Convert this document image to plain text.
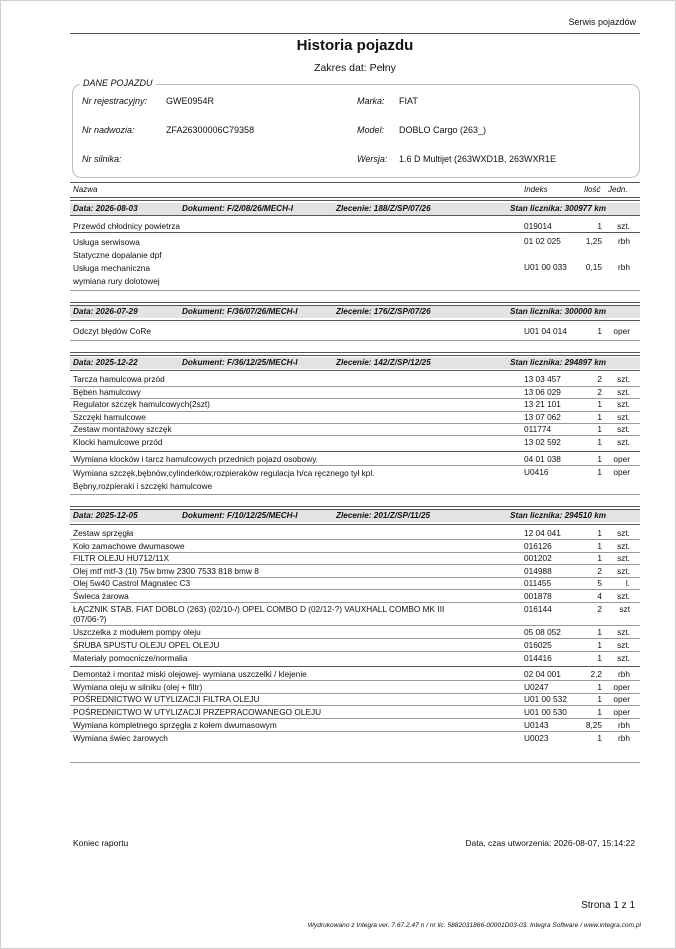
Serwis pojazdów
Historia pojazdu
Zakres dat: Pełny
DANE POJAZDU
Nr rejestracyjny: GWE0954R
Nr nadwozia:	ZFA26300006C79358
Nr silnika:
Marka: FIAT
Model: DOBLO Cargo (263_)
Wersja: 1.6 D Multijet (263WXD1B, 263WXR1E
Nazwa	Indeks	Ilość Jedn.
Data: 2026-08-03	Dokument: F/2/08/26/MECH-I	Zlecenie: 188/Z/SP/07/26	Stan licznika: 300977 km
Przewód chłodnicy powietrza	019014	1	szt.
Usługa serwisowa
Statyczne dopalanie dpf
01 02 025	1,25	rbh
Usługa mechaniczna
wymiana rury dolotowej
U01 00 033	0,15	rbh
Data: 2026-07-29	Dokument: F/36/07/26/MECH-I	Zlecenie: 176/Z/SP/07/26	Stan licznika: 300000 km
Odczyt błędów CoRe	U01 04 014	1	oper
Data: 2025-12-22	Dokument: F/36/12/25/MECH-I	Zlecenie: 142/Z/SP/12/25	Stan licznika: 294897 km
Tarcza hamulcowa przód	13 03 457	2	szt.
Bęben hamulcowy	13 06 029	2	szt.
Regulator szczęk hamulcowych(2szt)	13 21 101	1	szt.
Szczęki hamulcowe	13 07 062	1	szt.
Zestaw montażowy szczęk	011774	1	szt.
Klocki hamulcowe przód	13 02 592	1	szt.
Wymiana klocków i tarcz hamulcowych przednich pojazd osobowy.	04 01 038	1	oper
Wymiana szczęk,bębnów,cylinderków,rozpieraków regulacja h/ca ręcznego tył kpl.
Bębny,rozpieraki i szczęki hamulcowe
U0416	1	oper
Data: 2025-12-05	Dokument: F/10/12/25/MECH-I	Zlecenie: 201/Z/SP/11/25	Stan licznika: 294510 km
Zestaw sprzęgła	12 04 041	1	szt.
Koło zamachowe dwumasowe	016126	1	szt.
FILTR OLEJU HU712/11X	001202	1	szt.
Olej mtf mtf-3 (1l) 75w bmw 2300 7533 818 bmw 8	014988	2	szt.
Olej 5w40 Castrol Magnatec C3	011455	5	l.
Świeca żarowa	001878	4	szt.
ŁĄCZNIK STAB. FIAT DOBLO (263) (02/10-/) OPEL COMBO D (02/12-?) VAUXHALL COMBO MK III
(07/06-?)
016144	2	szt
Uszczelka z modułem pompy oleju	05 08 052	1	szt.
ŚRUBA SPUSTU OLEJU OPEL OLEJU	016025	1	szt.
Materiały pomocnicze/normalia	014416	1	szt.
Demontaż i montaż miski olejowej- wymiana uszczelki / klejenie	02 04 001	2,2	rbh
Wymiana oleju w silniku (olej + filtr)	U0247	1	oper
POŚREDNICTWO W UTYLIZACJI FILTRA OLEJU	U01 00 532	1	oper
POŚREDNICTWO W UTYLIZACJI PRZEPRACOWANEGO OLEJU	U01 00 530	1	oper
Wymiana kompletnego sprzęgła z kołem dwumasowym	U0143	8,25	rbh
Wymiana świec żarowych	U0023	1	rbh
Koniec raportu	Data, czas utworzenia: 2026-08-07, 15:14:22
Strona 1 z 1
Wydrukowano z Integra ver. 7.67.2.47 n / nr lic. 5882031866-00001D03-03. Integra Software / www.integra.com.pl
